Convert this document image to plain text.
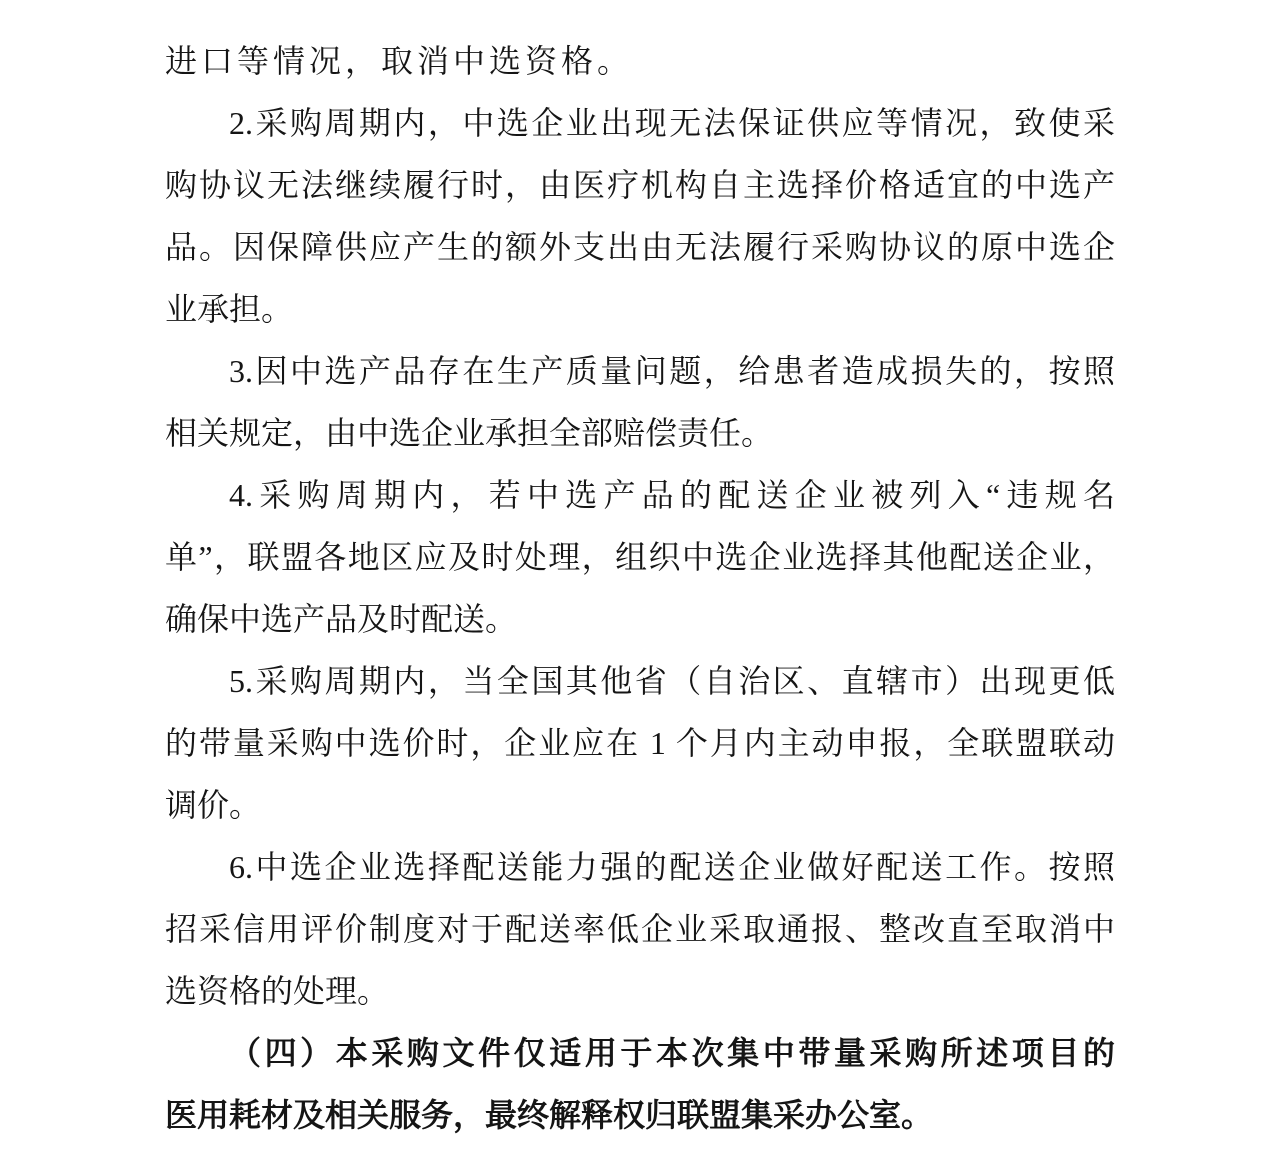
进口等情况，取消中选资格。
2.采购周期内，中选企业出现无法保证供应等情况，致使采
购协议无法继续履行时，由医疗机构自主选择价格适宜的中选产
品。因保障供应产生的额外支出由无法履行采购协议的原中选企
业承担。
3.因中选产品存在生产质量问题，给患者造成损失的，按照
相关规定，由中选企业承担全部赔偿责任。
4.采购周期内，若中选产品的配送企业被列入“违规名
单”，联盟各地区应及时处理，组织中选企业选择其他配送企业，
确保中选产品及时配送。
5.采购周期内，当全国其他省（自治区、直辖市）出现更低
的带量采购中选价时，企业应在 1 个月内主动申报，全联盟联动
调价。
6.中选企业选择配送能力强的配送企业做好配送工作。按照
招采信用评价制度对于配送率低企业采取通报、整改直至取消中
选资格的处理。
（四）本采购文件仅适用于本次集中带量采购所述项目的
医用耗材及相关服务，最终解释权归联盟集采办公室。
